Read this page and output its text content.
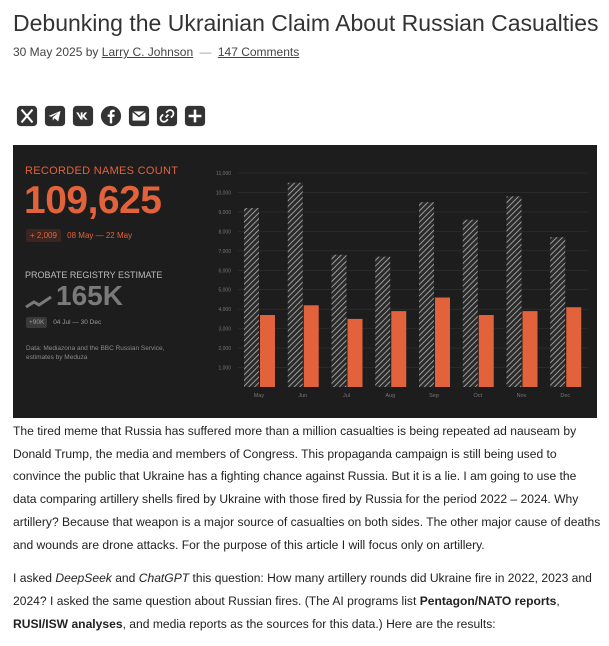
Debunking the Ukrainian Claim About Russian Casualties
30 May 2025 by Larry C. Johnson — 147 Comments
RECORDED NAMES COUNT
109,625
+ 2,009 08 May — 22 May
PROBATE REGISTRY ESTIMATE
165K
+90K 04 Jul — 30 Dec
Data: Mediazona and the BBC Russian Service, estimates by Meduza
1,000
2,000
3,000
4,000
5,000
6,000
7,000
8,000
9,000
10,000
11,000
May	Jun	Jul	Aug	Sep	Oct	Nov	Dec

The tired meme that Russia has suffered more than a million casualties is being repeated ad nauseam by Donald Trump, the media and members of Congress. This propaganda campaign is still being used to convince the public that Ukraine has a fighting chance against Russia. But it is a lie. I am going to use the data comparing artillery shells fired by Ukraine with those fired by Russia for the period 2022 – 2024. Why artillery? Because that weapon is a major source of casualties on both sides. The other major cause of deaths and wounds are drone attacks. For the purpose of this article I will focus only on artillery.

I asked DeepSeek and ChatGPT this question: How many artillery rounds did Ukraine fire in 2022, 2023 and 2024? I asked the same question about Russian fires. (The AI programs list Pentagon/NATO reports, RUSI/ISW analyses, and media reports as the sources for this data.) Here are the results:
